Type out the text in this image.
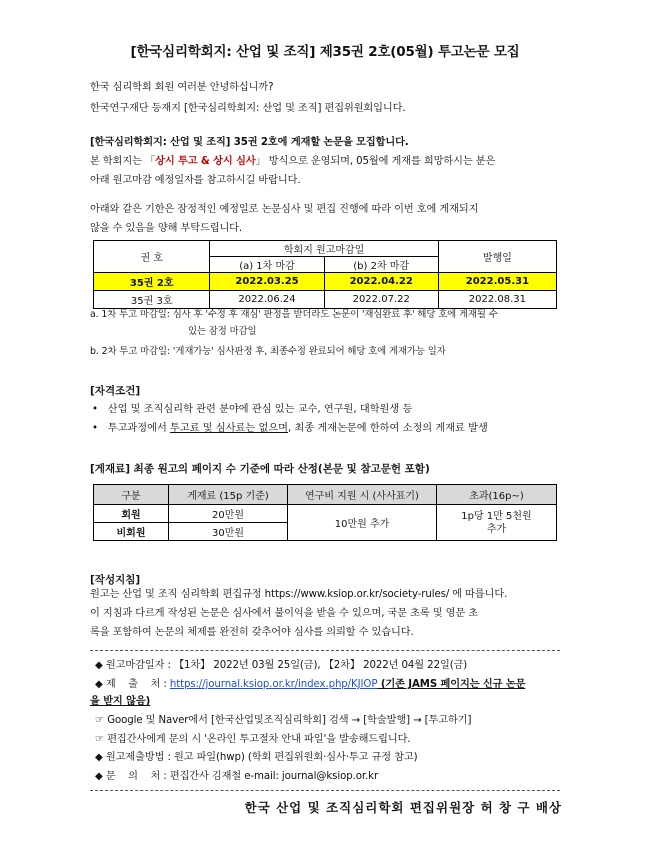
[한국심리학회지: 산업 및 조직] 제35권 2호(05월) 투고논문 모집
한국 심리학회 회원 여러분 안녕하십니까?
한국연구재단 등재지 [한국심리학회지: 산업 및 조직] 편집위원회입니다.
[한국심리학회지: 산업 및 조직] 35권 2호에 게재할 논문을 모집합니다.
본 학회지는 「상시 투고 & 상시 심사」 방식으로 운영되며, 05월에 게재를 희망하시는 분은
아래 원고마감 예정일자를 참고하시길 바랍니다.
아래와 같은 기한은 잠정적인 예정일로 논문심사 및 편집 진행에 따라 이번 호에 게재되지
않을 수 있음을 양해 부탁드립니다.
권 호	학회지 원고마감일		발행일
	(a) 1차 마감	(b) 2차 마감	
35권 2호	2022.03.25	2022.04.22	2022.05.31
35권 3호	2022.06.24	2022.07.22	2022.08.31
a. 1차 투고 마감일: 심사 후 '수정 후 재심' 판정을 받더라도 논문이 '재심완료 후' 해당 호에 게재될 수
있는 잠정 마감일
b. 2차 투고 마감일: '게재가능' 심사판정 후, 최종수정 완료되어 해당 호에 게재가능 일자
[자격조건]
•   산업 및 조직심리학 관련 분야에 관심 있는 교수, 연구원, 대학원생 등
•   투고과정에서 투고료 및 심사료는 없으며, 최종 게재논문에 한하여 소정의 게재료 발생
[게재료] 최종 원고의 페이지 수 기준에 따라 산정(본문 및 참고문헌 포함)
구분	게재료 (15p 기준)	연구비 지원 시 (사사표기)	초과(16p~)
회원	20만원	10만원 추가	1p당 1만 5천원
추가
비회원	30만원		
[작성지침]
원고는 산업 및 조직 심리학회 편집규정 https://www.ksiop.or.kr/society-rules/ 에 따릅니다.
이 지침과 다르게 작성된 논문은 심사에서 불이익을 받을 수 있으며, 국문 초록 및 영문 초
록을 포함하여 논문의 체제를 완전히 갖추어야 심사를 의뢰할 수 있습니다.
◆ 원고마감일자 : 【1차】 2022년 03월 25일(금), 【2차】 2022년 04월 22일(금)
◆ 제    출    처 : https://journal.ksiop.or.kr/index.php/KJIOP (기존 JAMS 페이지는 신규 논문
을 받지 않음)
☞ Google 및 Naver에서 [한국산업및조직심리학회] 검색 → [학술발행] → [투고하기]
☞ 편집간사에게 문의 시 '온라인 투고절차 안내 파일'을 발송해드립니다.
◆ 원고제출방법 : 원고 파일(hwp) (학회 편집위원회·심사·투고 규정 참고)
◆ 문    의    처 : 편집간사 김재철 e-mail: journal@ksiop.or.kr
한국 산업 및 조직심리학회 편집위원장 허 창 구 배상
